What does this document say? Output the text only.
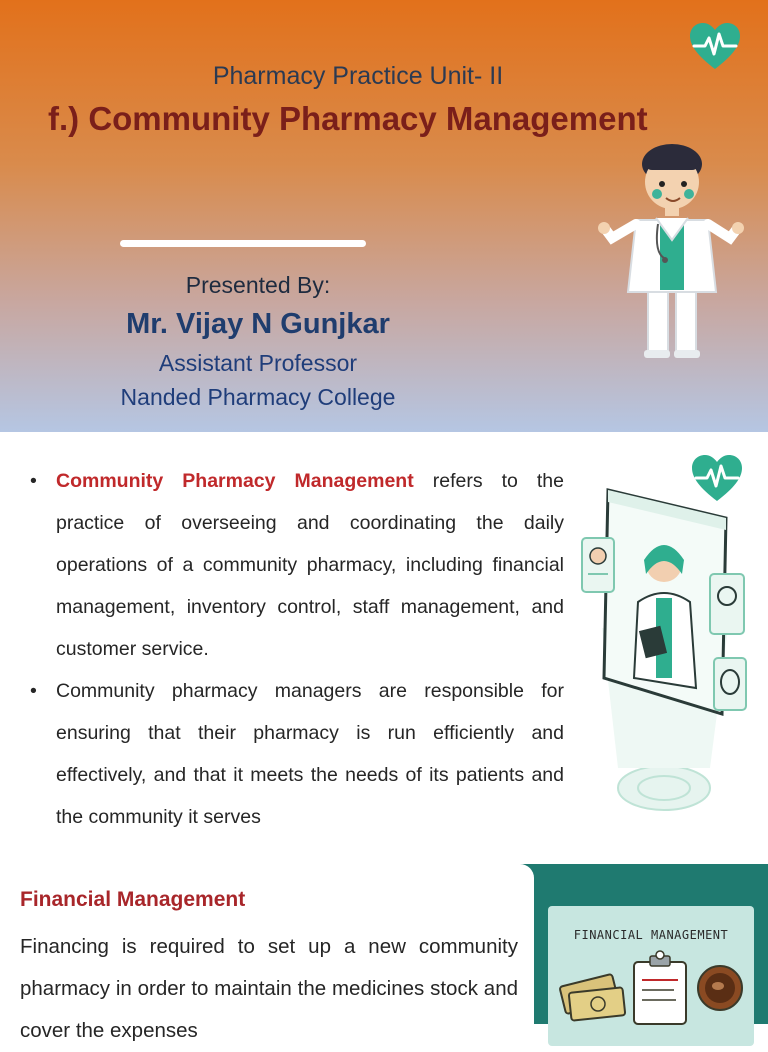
Pharmacy Practice Unit- II
f.) Community Pharmacy Management
Presented By:
Mr. Vijay N Gunjkar
Assistant Professor
Nanded Pharmacy College
• Community Pharmacy Management refers to the practice of overseeing and coordinating the daily operations of a community pharmacy, including financial management, inventory control, staff management, and customer service.
• Community pharmacy managers are responsible for ensuring that their pharmacy is run efficiently and effectively, and that it meets the needs of its patients and the community it serves
Financial Management
Financing is required to set up a new community pharmacy in order to maintain the medicines stock and cover the expenses
FINANCIAL MANAGEMENT
